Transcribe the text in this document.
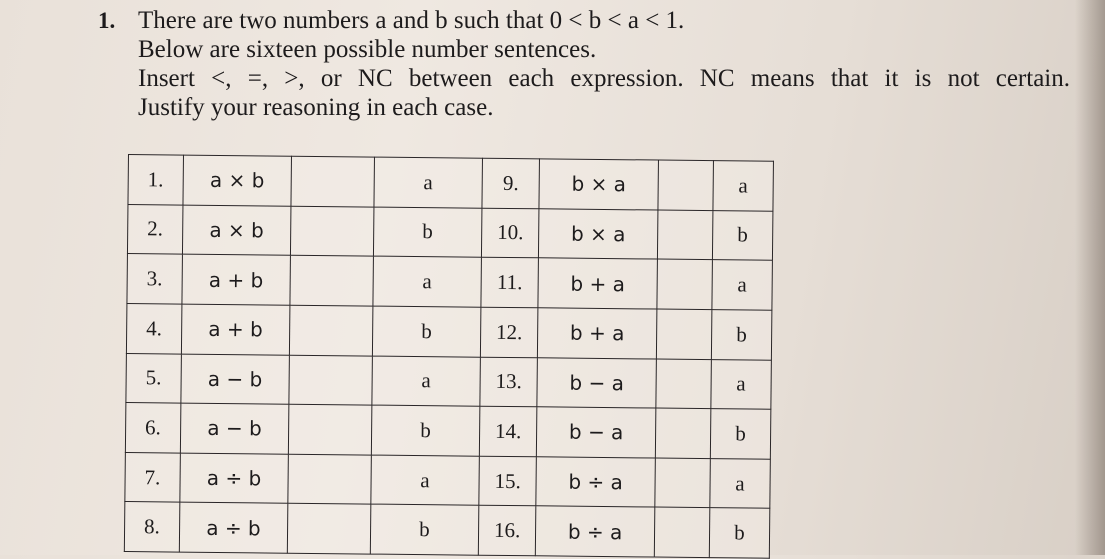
1. There are two numbers a and b such that 0 < b < a < 1.
Below are sixteen possible number sentences.
Insert <, =, >, or NC between each expression. NC means that it is not certain.
Justify your reasoning in each case.
1.	a × b		a	9.	b × a		a
2.	a × b		b	10.	b × a		b
3.	a + b		a	11.	b + a		a
4.	a + b		b	12.	b + a		b
5.	a − b		a	13.	b − a		a
6.	a − b		b	14.	b − a		b
7.	a ÷ b		a	15.	b ÷ a		a
8.	a ÷ b		b	16.	b ÷ a		b
